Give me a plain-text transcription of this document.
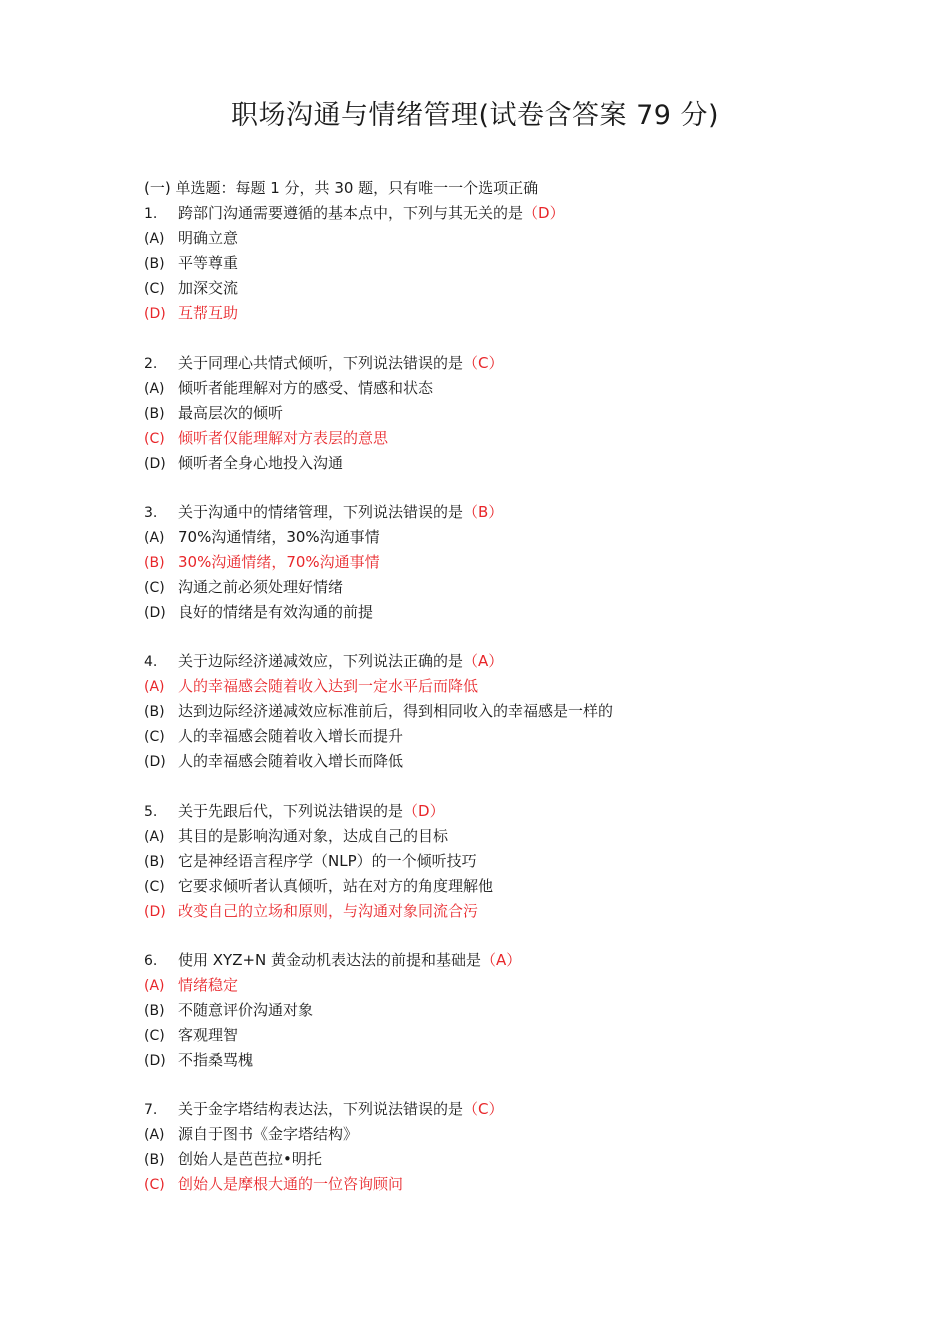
职场沟通与情绪管理(试卷含答案 79 分)
(一) 单选题：每题 1 分，共 30 题，只有唯一一个选项正确
1. 跨部门沟通需要遵循的基本点中，下列与其无关的是（D）
(A) 明确立意
(B) 平等尊重
(C) 加深交流
(D) 互帮互助
2. 关于同理心共情式倾听，下列说法错误的是（C）
(A) 倾听者能理解对方的感受、情感和状态
(B) 最高层次的倾听
(C) 倾听者仅能理解对方表层的意思
(D) 倾听者全身心地投入沟通
3. 关于沟通中的情绪管理，下列说法错误的是（B）
(A) 70%沟通情绪，30%沟通事情
(B) 30%沟通情绪，70%沟通事情
(C) 沟通之前必须处理好情绪
(D) 良好的情绪是有效沟通的前提
4. 关于边际经济递减效应，下列说法正确的是（A）
(A) 人的幸福感会随着收入达到一定水平后而降低
(B) 达到边际经济递减效应标准前后，得到相同收入的幸福感是一样的
(C) 人的幸福感会随着收入增长而提升
(D) 人的幸福感会随着收入增长而降低
5. 关于先跟后代，下列说法错误的是（D）
(A) 其目的是影响沟通对象，达成自己的目标
(B) 它是神经语言程序学（NLP）的一个倾听技巧
(C) 它要求倾听者认真倾听，站在对方的角度理解他
(D) 改变自己的立场和原则，与沟通对象同流合污
6. 使用 XYZ+N 黄金动机表达法的前提和基础是（A）
(A) 情绪稳定
(B) 不随意评价沟通对象
(C) 客观理智
(D) 不指桑骂槐
7. 关于金字塔结构表达法，下列说法错误的是（C）
(A) 源自于图书《金字塔结构》
(B) 创始人是芭芭拉•明托
(C) 创始人是摩根大通的一位咨询顾问
